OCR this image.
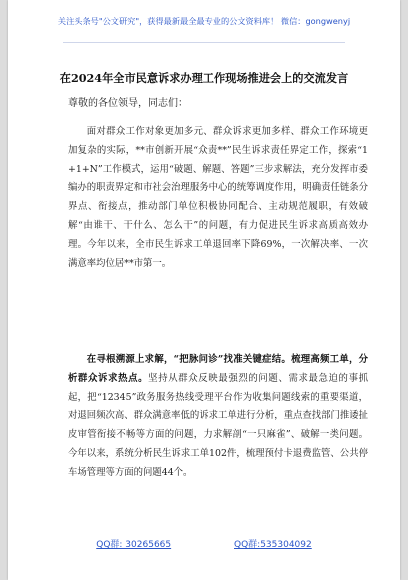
关注头条号"公文研究"，获得最新最全最专业的公文资料库！ 微信：gongwenyj
在2024年全市民意诉求办理工作现场推进会上的交流发言
尊敬的各位领导，同志们：
面对群众工作对象更加多元、群众诉求更加多样、群众工作环境更加复杂的实际，**市创新开展“众责**”民生诉求责任界定工作，探索“1+1+N”工作模式，运用“破题、解题、答题”三步求解法，充分发挥市委编办的职责界定和市社会治理服务中心的统筹调度作用，明确责任链条分界点、衔接点，推动部门单位积极协同配合、主动规范履职，有效破解“由谁干、干什么、怎么干”的问题，有力促进民生诉求高质高效办理。今年以来，全市民生诉求工单退回率下降69%，一次解决率、一次满意率均位居**市第一。
在寻根溯源上求解，“把脉问诊”找准关键症结。梳理高频工单，分析群众诉求热点。坚持从群众反映最强烈的问题、需求最急迫的事抓起，把“12345”政务服务热线受理平台作为收集问题线索的重要渠道，对退回频次高、群众满意率低的诉求工单进行分析，重点查找部门推诿扯皮审管衔接不畅等方面的问题，力求解剖“一只麻雀”、破解一类问题。今年以来，系统分析民生诉求工单102件，梳理预付卡退费监管、公共停车场管理等方面的问题44个。
QQ群: 30265665	QQ群:535304092
